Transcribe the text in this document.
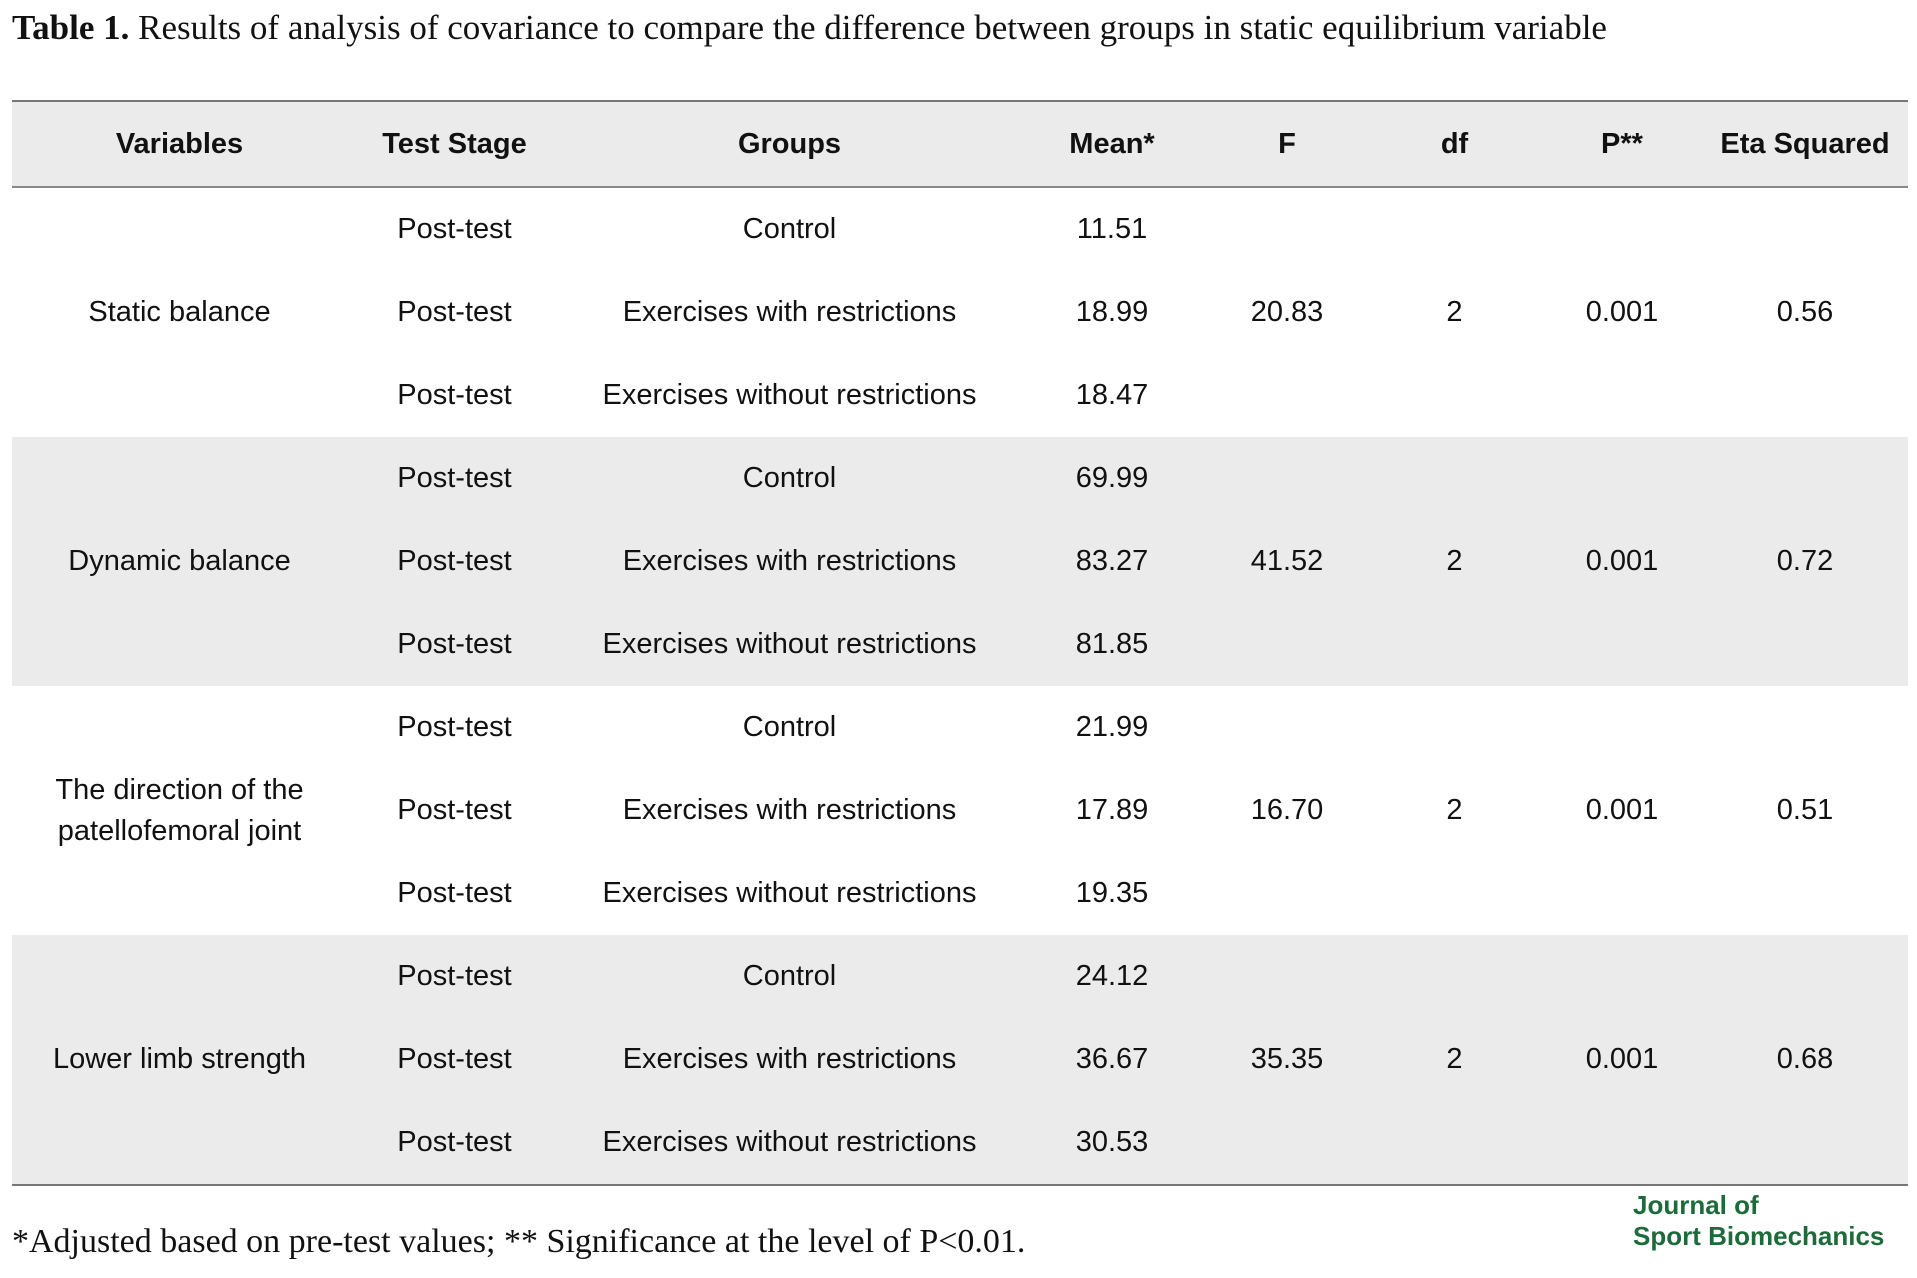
Table 1. Results of analysis of covariance to compare the difference between groups in static equilibrium variable
Variables	Test Stage	Groups	Mean*	F	df	P**	Eta Squared
Static balance	Post-test	Control	11.51	20.83	2	0.001	0.56
	Post-test	Exercises with restrictions	18.99				
	Post-test	Exercises without restrictions	18.47				
Dynamic balance	Post-test	Control	69.99	41.52	2	0.001	0.72
	Post-test	Exercises with restrictions	83.27				
	Post-test	Exercises without restrictions	81.85				
The direction of the patellofemoral joint	Post-test	Control	21.99	16.70	2	0.001	0.51
	Post-test	Exercises with restrictions	17.89				
	Post-test	Exercises without restrictions	19.35				
Lower limb strength	Post-test	Control	24.12	35.35	2	0.001	0.68
	Post-test	Exercises with restrictions	36.67				
	Post-test	Exercises without restrictions	30.53				
*Adjusted based on pre-test values; ** Significance at the level of P<0.01.
Journal of
Sport Biomechanics
